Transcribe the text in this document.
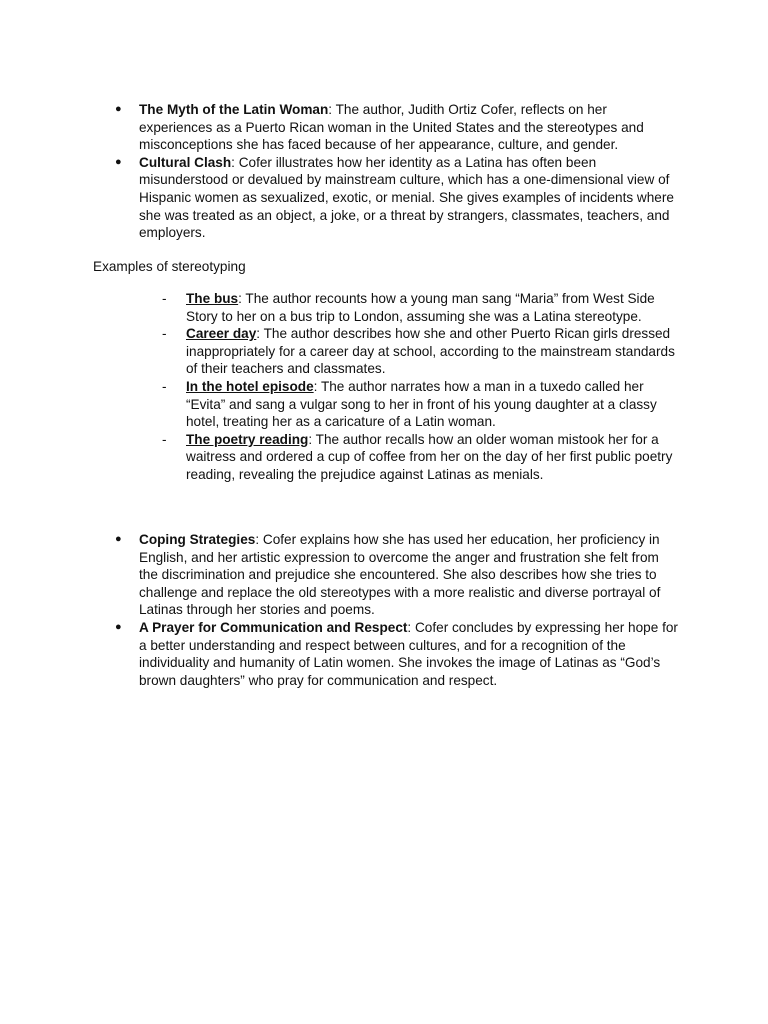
● The Myth of the Latin Woman: The author, Judith Ortiz Cofer, reflects on her experiences as a Puerto Rican woman in the United States and the stereotypes and misconceptions she has faced because of her appearance, culture, and gender.
● Cultural Clash: Cofer illustrates how her identity as a Latina has often been misunderstood or devalued by mainstream culture, which has a one-dimensional view of Hispanic women as sexualized, exotic, or menial. She gives examples of incidents where she was treated as an object, a joke, or a threat by strangers, classmates, teachers, and employers.

Examples of stereotyping

- The bus: The author recounts how a young man sang “Maria” from West Side Story to her on a bus trip to London, assuming she was a Latina stereotype.
- Career day: The author describes how she and other Puerto Rican girls dressed inappropriately for a career day at school, according to the mainstream standards of their teachers and classmates.
- In the hotel episode: The author narrates how a man in a tuxedo called her “Evita” and sang a vulgar song to her in front of his young daughter at a classy hotel, treating her as a caricature of a Latin woman.
- The poetry reading: The author recalls how an older woman mistook her for a waitress and ordered a cup of coffee from her on the day of her first public poetry reading, revealing the prejudice against Latinas as menials.
● Coping Strategies: Cofer explains how she has used her education, her proficiency in English, and her artistic expression to overcome the anger and frustration she felt from the discrimination and prejudice she encountered. She also describes how she tries to challenge and replace the old stereotypes with a more realistic and diverse portrayal of Latinas through her stories and poems.
● A Prayer for Communication and Respect: Cofer concludes by expressing her hope for a better understanding and respect between cultures, and for a recognition of the individuality and humanity of Latin women. She invokes the image of Latinas as “God’s brown daughters” who pray for communication and respect.
